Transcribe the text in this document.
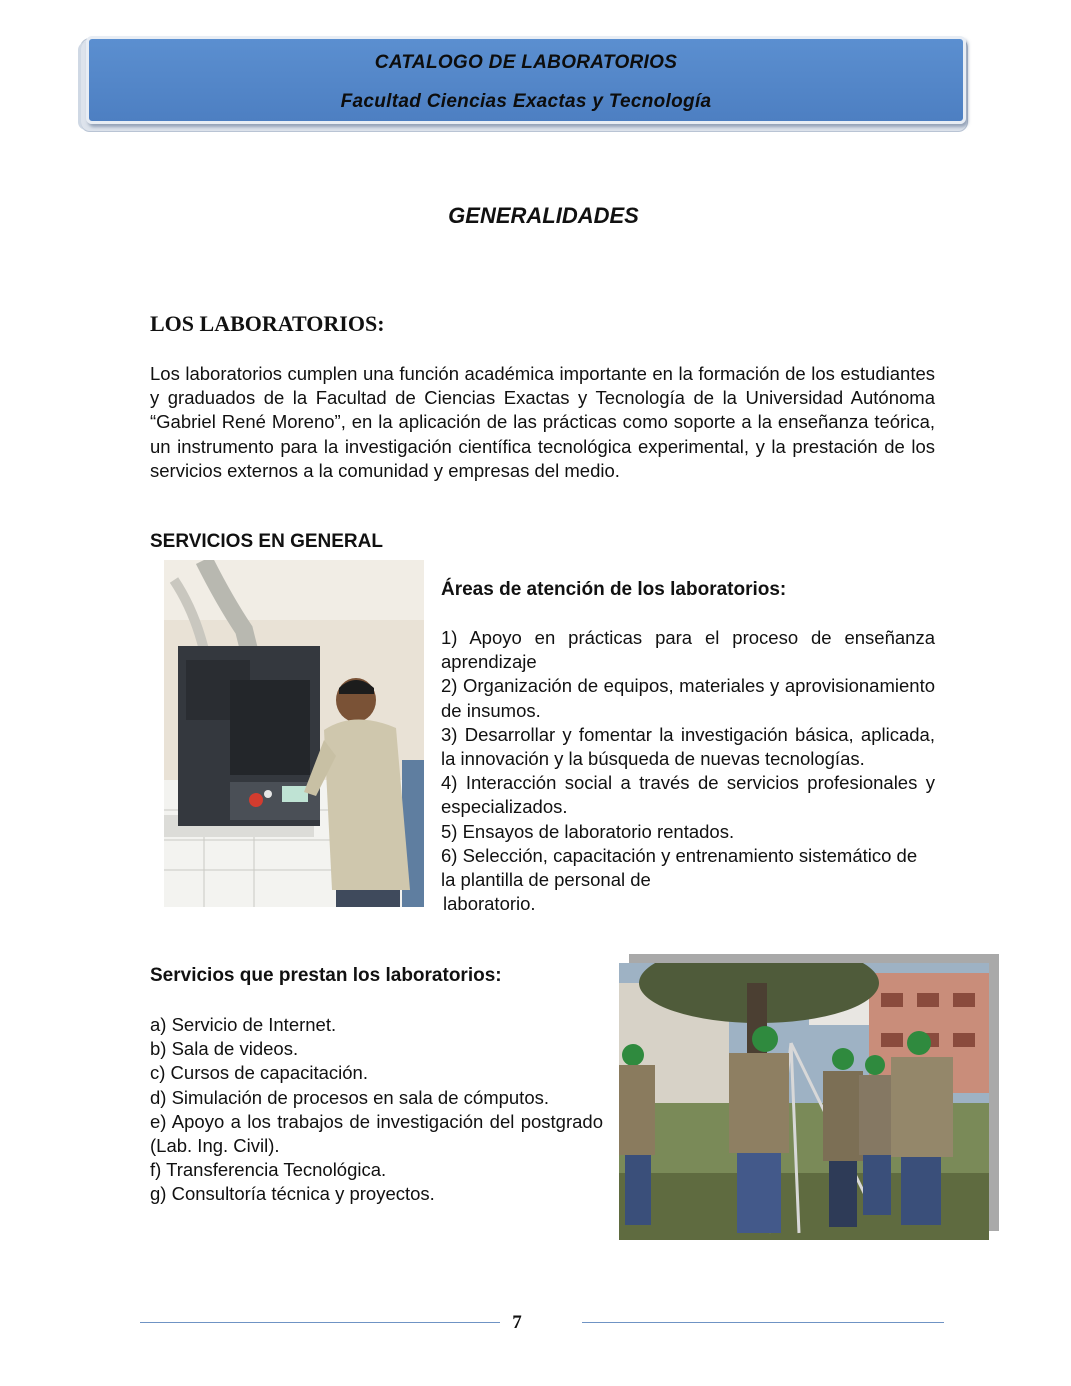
CATALOGO DE LABORATORIOS
Facultad Ciencias Exactas y Tecnología
GENERALIDADES
LOS LABORATORIOS:
Los laboratorios cumplen una función académica importante en la formación de los estudiantes y graduados de la Facultad de Ciencias Exactas y Tecnología de la Universidad Autónoma “Gabriel René Moreno”, en la aplicación de las prácticas como soporte a la enseñanza teórica, un instrumento para la investigación científica tecnológica experimental, y la prestación de los servicios externos a la comunidad y empresas del medio.
SERVICIOS EN GENERAL
Áreas de atención de los laboratorios:

1) Apoyo en prácticas para el proceso de enseñanza aprendizaje

2) Organización de equipos, materiales y aprovisionamiento de insumos.

3) Desarrollar y fomentar la investigación básica, aplicada, la innovación y la búsqueda de nuevas tecnologías.

4) Interacción social a través de servicios profesionales y especializados.

5) Ensayos de laboratorio rentados.

6) Selección, capacitación y entrenamiento sistemático de la plantilla de personal de

laboratorio.

Servicios que prestan los laboratorios:

a) Servicio de Internet.

b) Sala de videos.

c) Cursos de capacitación.

d) Simulación de procesos en sala de cómputos.

e) Apoyo a los trabajos de investigación del postgrado (Lab. Ing. Civil).

f) Transferencia Tecnológica.

g) Consultoría técnica y proyectos.

7
